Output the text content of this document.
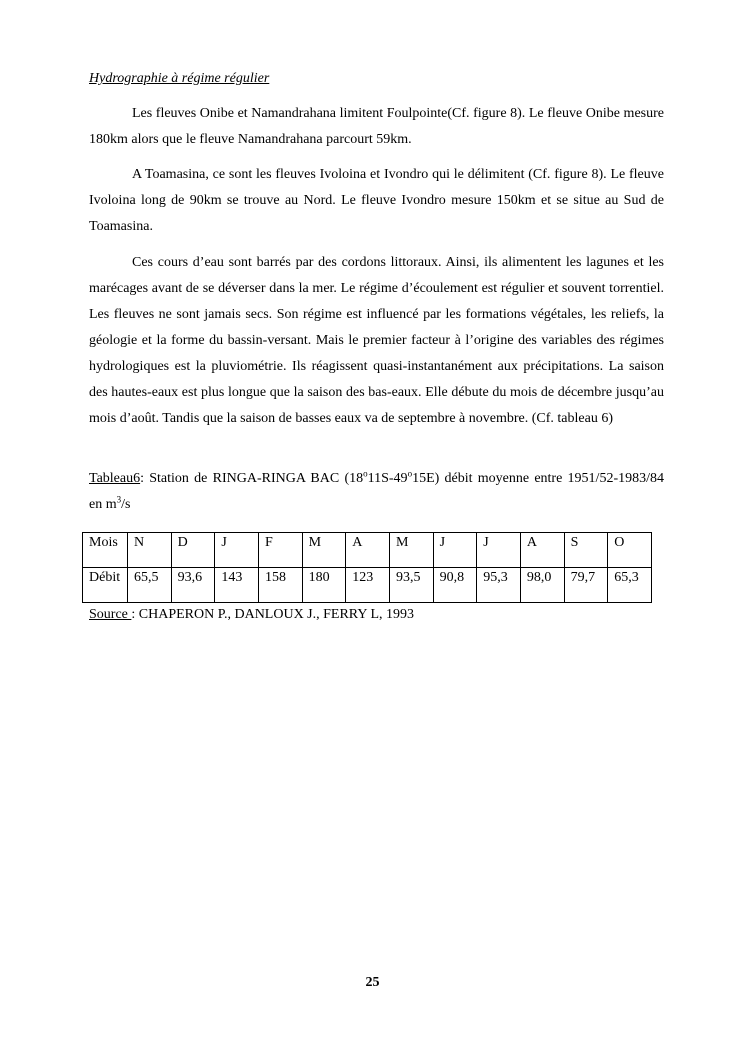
Hydrographie à régime régulier

Les fleuves Onibe et Namandrahana limitent Foulpointe(Cf. figure 8). Le fleuve Onibe mesure 180km alors que le fleuve Namandrahana parcourt 59km.

A Toamasina, ce sont les fleuves Ivoloina et Ivondro qui le délimitent (Cf. figure 8). Le fleuve Ivoloina long de 90km se trouve au Nord. Le fleuve Ivondro mesure 150km et se situe au Sud de Toamasina.

Ces cours d’eau sont barrés par des cordons littoraux. Ainsi, ils alimentent les lagunes et les marécages avant de se déverser dans la mer. Le régime d’écoulement est régulier et souvent torrentiel. Les fleuves ne sont jamais secs. Son régime est influencé par les formations végétales, les reliefs, la géologie et la forme du bassin-versant. Mais le premier facteur à l’origine des variables des régimes hydrologiques est la pluviométrie. Ils réagissent quasi-instantanément aux précipitations. La saison des hautes-eaux est plus longue que la saison des bas-eaux. Elle débute du mois de décembre jusqu’au mois d’août. Tandis que la saison de basses eaux va de septembre à novembre. (Cf. tableau 6)

Tableau6: Station de RINGA-RINGA BAC (18$^o$11S-49$^o$15E) débit moyenne entre 1951/52-1983/84 en $m^3/s$

Mois	N	D	J	F	M	A	M	J	J	A	S	O
Débit	65,5	93,6	143	158	180	123	93,5	90,8	95,3	98,0	79,7	65,3

Source : CHAPERON P., DANLOUX J., FERRY L, 1993

25
